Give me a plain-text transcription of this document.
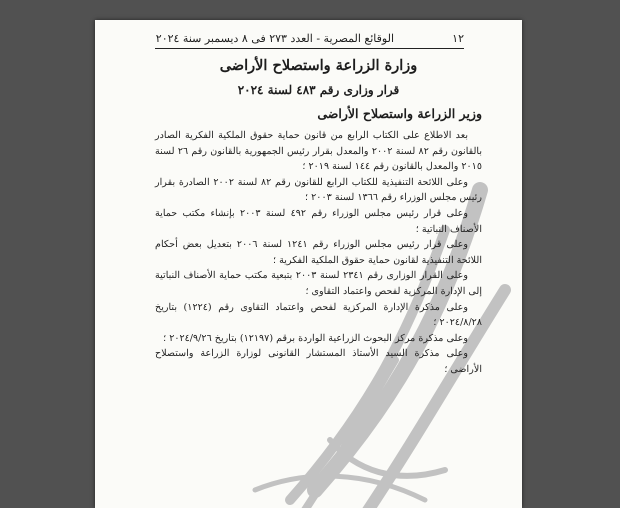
١٢
الوقائع المصرية - العدد ٢٧٣ فى ٨ ديسمبر سنة ٢٠٢٤
وزارة الزراعة واستصلاح الأراضى
قرار وزارى رقم ٤٨٣ لسنة ٢٠٢٤
وزير الزراعة واستصلاح الأراضى

بعد الاطلاع على الكتاب الرابع من قانون حماية حقوق الملكية الفكرية الصادر بالقانون رقم ٨٢ لسنة ٢٠٠٢ والمعدل بقرار رئيس الجمهورية بالقانون رقم ٢٦ لسنة ٢٠١٥ والمعدل بالقانون رقم ١٤٤ لسنة ٢٠١٩ ؛

وعلى اللائحة التنفيذية للكتاب الرابع للقانون رقم ٨٢ لسنة ٢٠٠٢ الصادرة بقرار رئيس مجلس الوزراء رقم ١٣٦٦ لسنة ٢٠٠٣ ؛

وعلى قرار رئيس مجلس الوزراء رقم ٤٩٢ لسنة ٢٠٠٣ بإنشاء مكتب حماية الأصناف النباتية ؛

وعلى قرار رئيس مجلس الوزراء رقم ١٢٤١ لسنة ٢٠٠٦ بتعديل بعض أحكام اللائحة التنفيذية لقانون حماية حقوق الملكية الفكرية ؛

وعلى القرار الوزارى رقم ٢٣٤١ لسنة ٢٠٠٣ بتبعية مكتب حماية الأصناف النباتية إلى الإدارة المركزية لفحص واعتماد التقاوى ؛

وعلى مذكرة الإدارة المركزية لفحص واعتماد التقاوى رقم (١٢٢٤) بتاريخ ٢٠٢٤/٨/٢٨ ؛

وعلى مذكرة مركز البحوث الزراعية الواردة برقم (١٢١٩٧) بتاريخ ٢٠٢٤/٩/٢٦ ؛

وعلى مذكرة السيد الأستاذ المستشار القانونى لوزارة الزراعة واستصلاح الأراضى ؛
